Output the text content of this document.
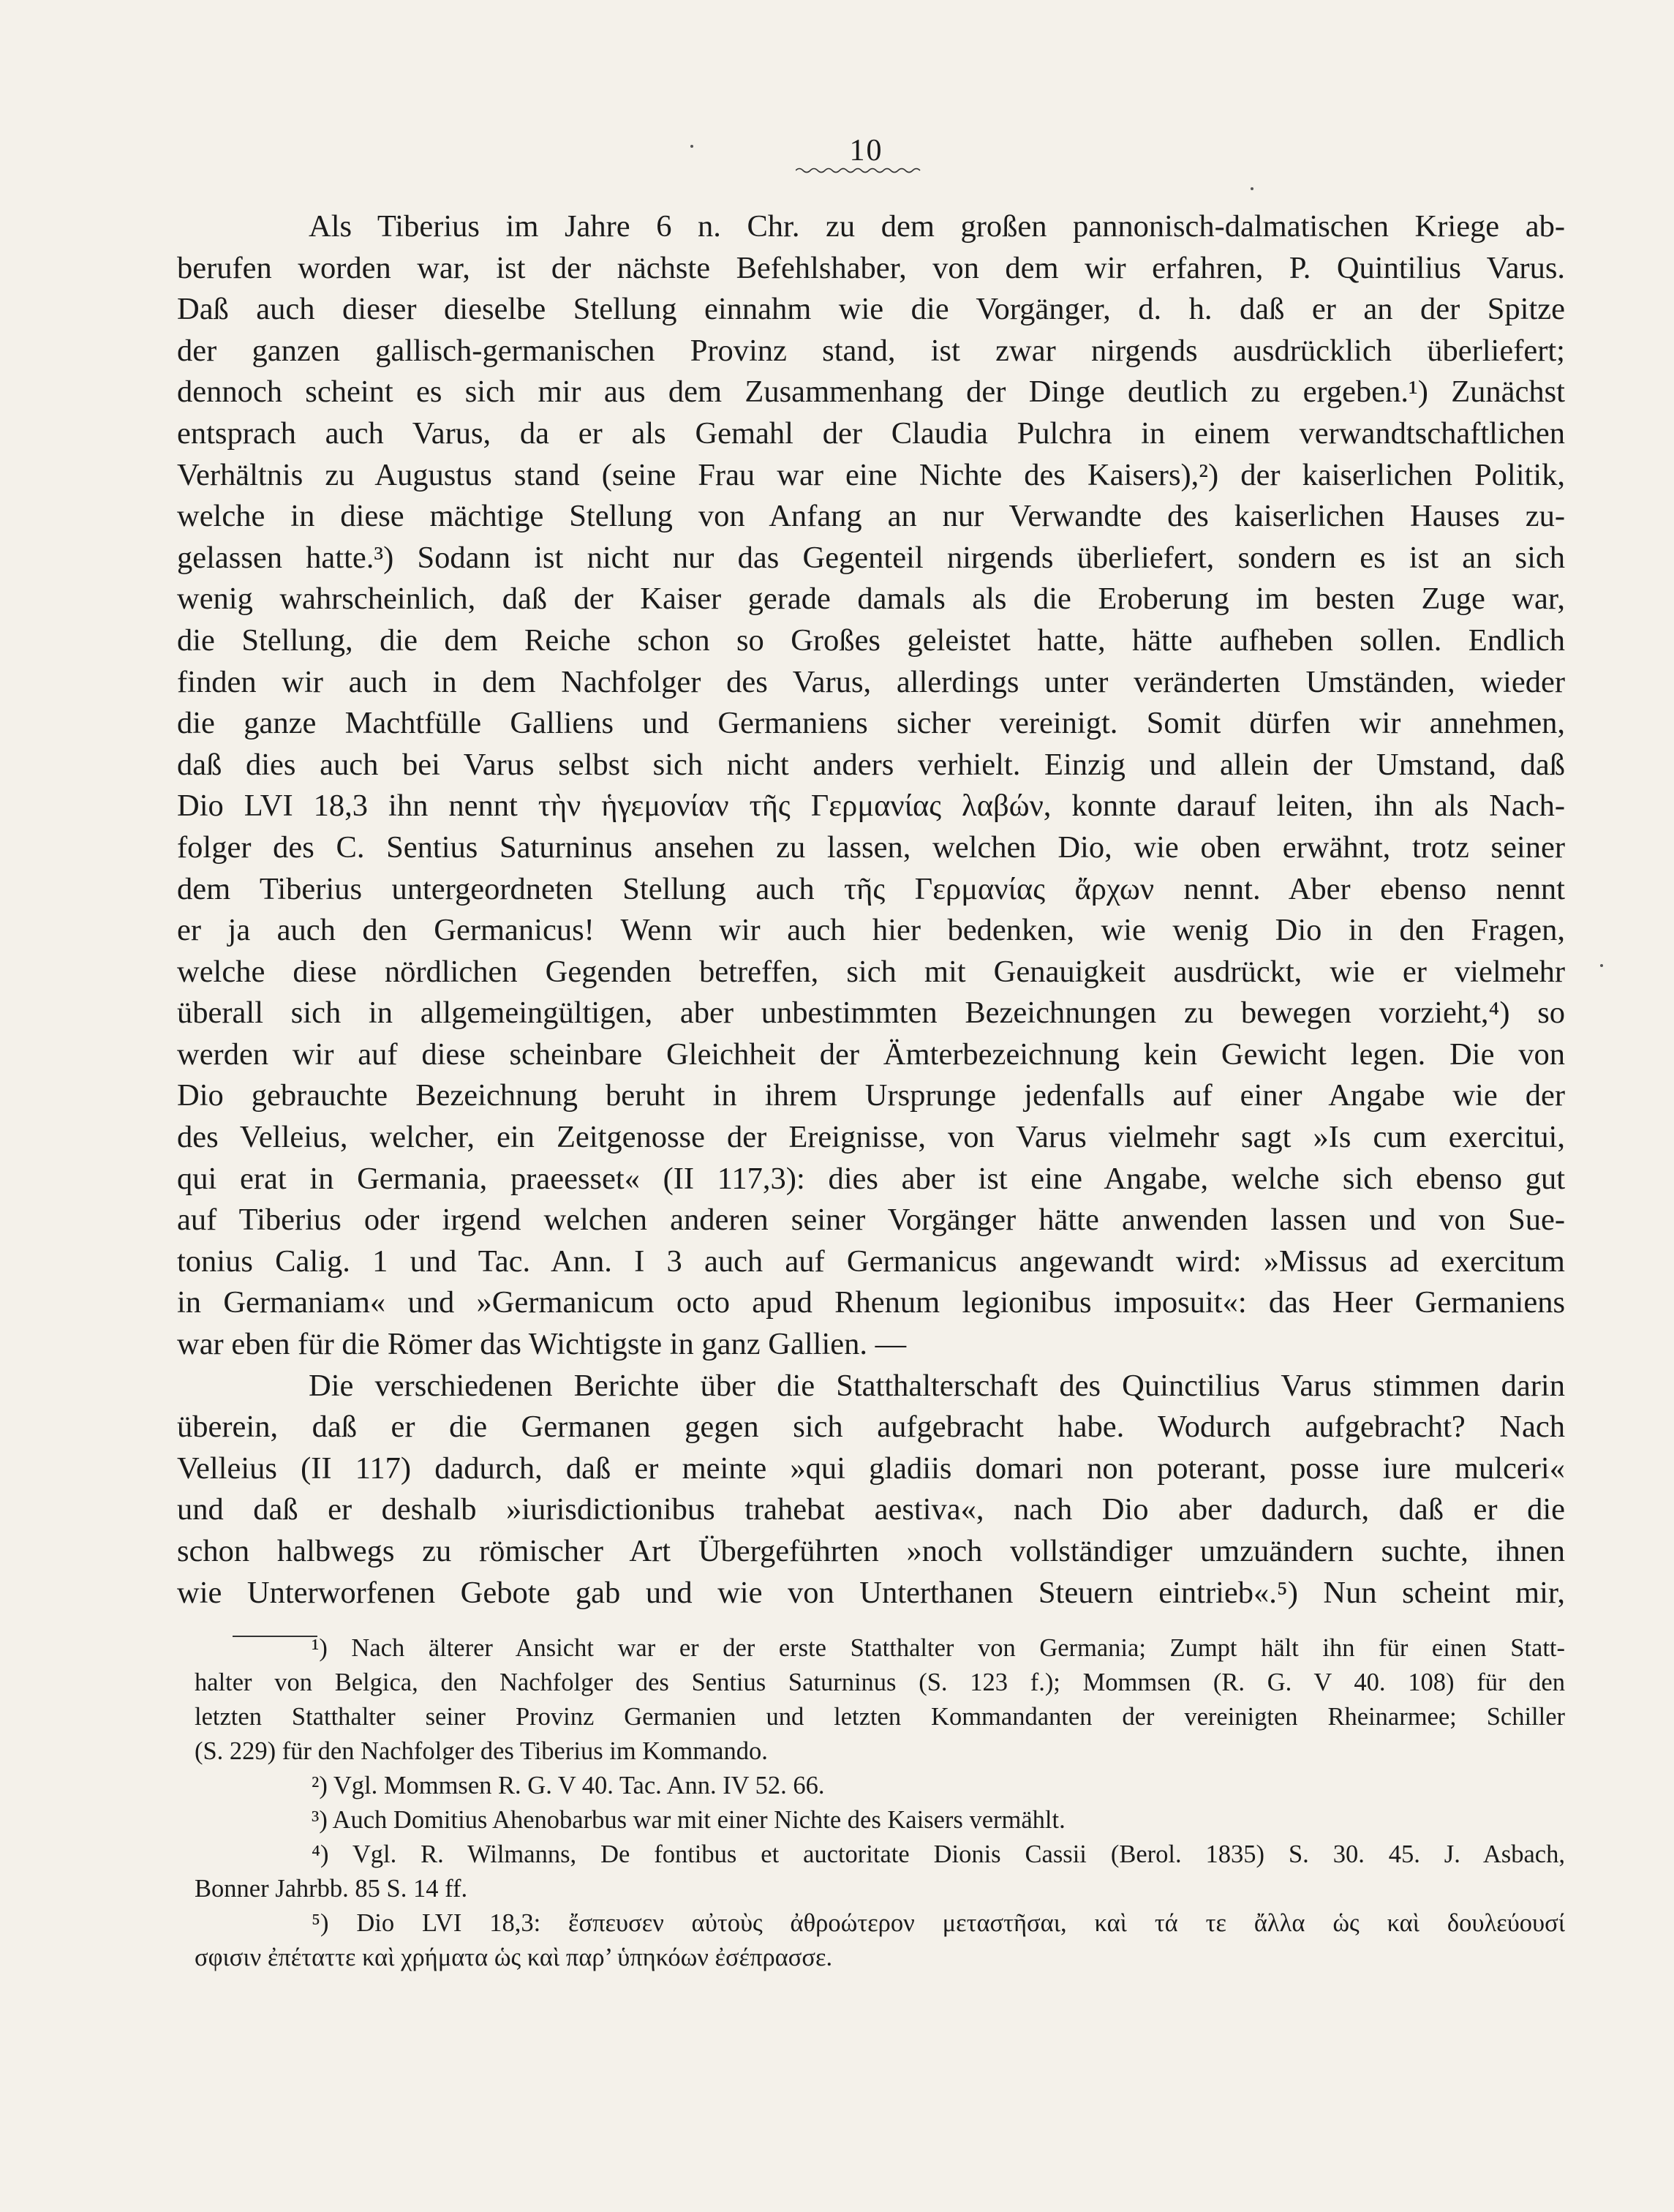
10
Als Tiberius im Jahre 6 n. Chr. zu dem großen pannonisch-dalmatischen Kriege ab-
berufen worden war, ist der nächste Befehlshaber, von dem wir erfahren, P. Quintilius Varus.
Daß auch dieser dieselbe Stellung einnahm wie die Vorgänger, d. h. daß er an der Spitze
der ganzen gallisch-germanischen Provinz stand, ist zwar nirgends ausdrücklich überliefert;
dennoch scheint es sich mir aus dem Zusammenhang der Dinge deutlich zu ergeben.¹) Zunächst
entsprach auch Varus, da er als Gemahl der Claudia Pulchra in einem verwandtschaftlichen
Verhältnis zu Augustus stand (seine Frau war eine Nichte des Kaisers),²) der kaiserlichen Politik,
welche in diese mächtige Stellung von Anfang an nur Verwandte des kaiserlichen Hauses zu-
gelassen hatte.³) Sodann ist nicht nur das Gegenteil nirgends überliefert, sondern es ist an sich
wenig wahrscheinlich, daß der Kaiser gerade damals als die Eroberung im besten Zuge war,
die Stellung, die dem Reiche schon so Großes geleistet hatte, hätte aufheben sollen. Endlich
finden wir auch in dem Nachfolger des Varus, allerdings unter veränderten Umständen, wieder
die ganze Machtfülle Galliens und Germaniens sicher vereinigt. Somit dürfen wir annehmen,
daß dies auch bei Varus selbst sich nicht anders verhielt. Einzig und allein der Umstand, daß
Dio LVI 18,3 ihn nennt τὴν ἡγεμονίαν τῆς Γερμανίας λαβών, konnte darauf leiten, ihn als Nach-
folger des C. Sentius Saturninus ansehen zu lassen, welchen Dio, wie oben erwähnt, trotz seiner
dem Tiberius untergeordneten Stellung auch τῆς Γερμανίας ἄρχων nennt. Aber ebenso nennt
er ja auch den Germanicus! Wenn wir auch hier bedenken, wie wenig Dio in den Fragen,
welche diese nördlichen Gegenden betreffen, sich mit Genauigkeit ausdrückt, wie er vielmehr
überall sich in allgemeingültigen, aber unbestimmten Bezeichnungen zu bewegen vorzieht,⁴) so
werden wir auf diese scheinbare Gleichheit der Ämterbezeichnung kein Gewicht legen. Die von
Dio gebrauchte Bezeichnung beruht in ihrem Ursprunge jedenfalls auf einer Angabe wie der
des Velleius, welcher, ein Zeitgenosse der Ereignisse, von Varus vielmehr sagt »Is cum exercitui,
qui erat in Germania, praeesset« (II 117,3): dies aber ist eine Angabe, welche sich ebenso gut
auf Tiberius oder irgend welchen anderen seiner Vorgänger hätte anwenden lassen und von Sue-
tonius Calig. 1 und Tac. Ann. I 3 auch auf Germanicus angewandt wird: »Missus ad exercitum
in Germaniam« und »Germanicum octo apud Rhenum legionibus imposuit«: das Heer Germaniens
war eben für die Römer das Wichtigste in ganz Gallien. —
Die verschiedenen Berichte über die Statthalterschaft des Quinctilius Varus stimmen darin
überein, daß er die Germanen gegen sich aufgebracht habe. Wodurch aufgebracht? Nach
Velleius (II 117) dadurch, daß er meinte »qui gladiis domari non poterant, posse iure mulceri«
und daß er deshalb »iurisdictionibus trahebat aestiva«, nach Dio aber dadurch, daß er die
schon halbwegs zu römischer Art Übergeführten »noch vollständiger umzuändern suchte, ihnen
wie Unterworfenen Gebote gab und wie von Unterthanen Steuern eintrieb«.⁵) Nun scheint mir,
¹) Nach älterer Ansicht war er der erste Statthalter von Germania; Zumpt hält ihn für einen Statt-
halter von Belgica, den Nachfolger des Sentius Saturninus (S. 123 f.); Mommsen (R. G. V 40. 108) für den
letzten Statthalter seiner Provinz Germanien und letzten Kommandanten der vereinigten Rheinarmee; Schiller
(S. 229) für den Nachfolger des Tiberius im Kommando.
²) Vgl. Mommsen R. G. V 40. Tac. Ann. IV 52. 66.
³) Auch Domitius Ahenobarbus war mit einer Nichte des Kaisers vermählt.
⁴) Vgl. R. Wilmanns, De fontibus et auctoritate Dionis Cassii (Berol. 1835) S. 30. 45. J. Asbach,
Bonner Jahrbb. 85 S. 14 ff.
⁵) Dio LVI 18,3: ἔσπευσεν αὐτοὺς ἀθροώτερον μεταστῆσαι, καὶ τά τε ἄλλα ὡς καὶ δουλεύουσί
σφισιν ἐπέταττε καὶ χρήματα ὡς καὶ παρ’ ὑπηκόων ἐσέπρασσε.
